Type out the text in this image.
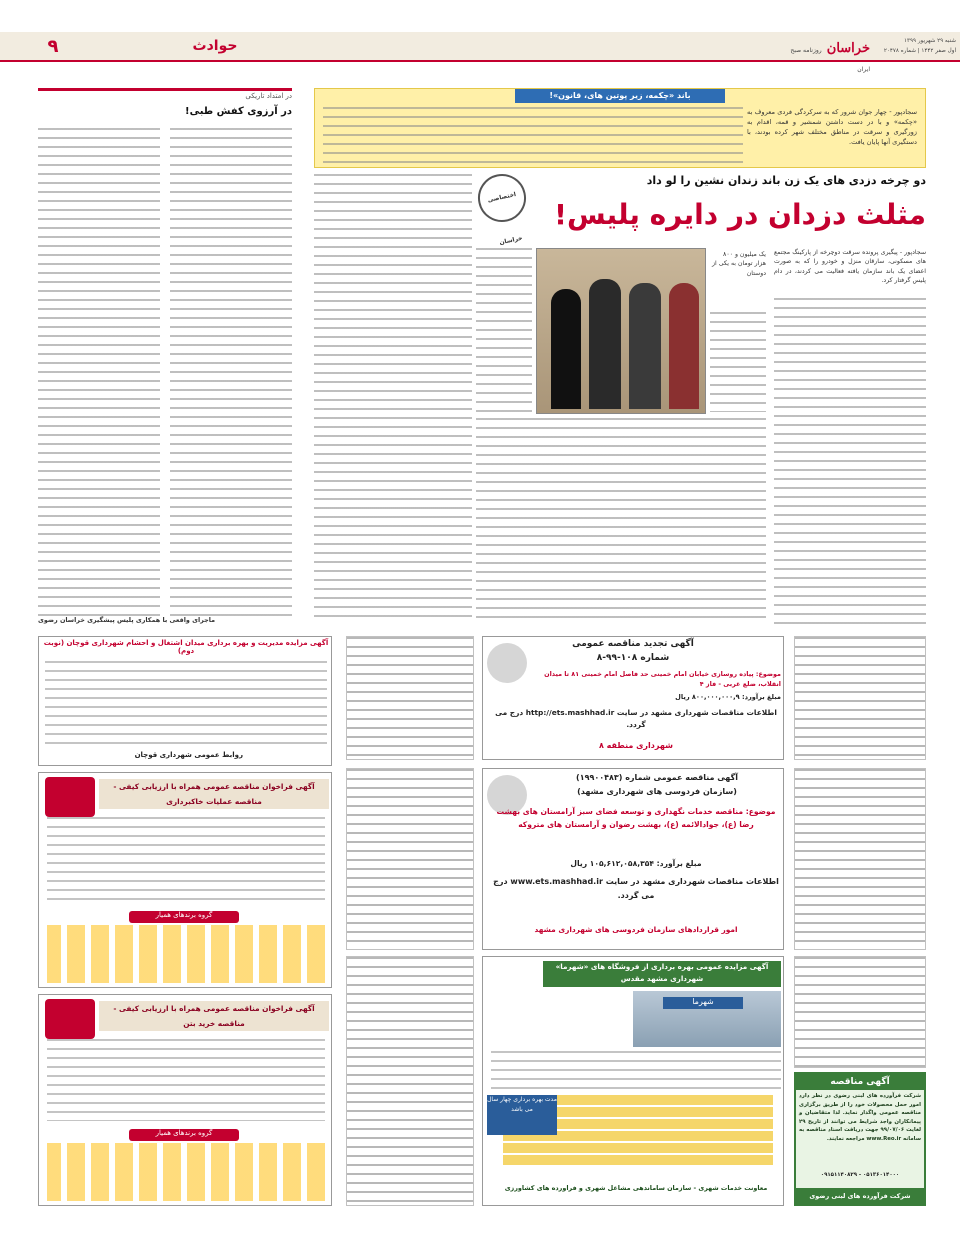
۹	حوادث	خراسان روزنامه صبح ایران
شنبه ۲۹ شهریور ۱۳۹۹
اول صفر ۱۴۴۲ | شماره ۲۰۴۷۸
باند «چکمه، زیر پوتین های، قانون»!
سجادپور - چهار جوان شرور که به سرکردگی فردی معروف به «چکمه» و با در دست داشتن شمشیر و قمه، اقدام به زورگیری و سرقت در مناطق مختلف شهر کرده بودند، با دستگیری آنها پایان یافت.
دو چرخه دزدی های یک زن باند زندان نشین را لو داد
مثلث دزدان در دایره پلیس!
اختصاصی خراسان
یک میلیون و ۸۰۰ هزار تومان به یکی از دوستان
سجادپور - پیگیری پرونده سرقت دوچرخه از پارکینگ مجتمع های مسکونی، سارقان منزل و خودرو را که به صورت اعضای یک باند سازمان یافته فعالیت می کردند، در دام پلیس گرفتار کرد.
در امتداد تاریکی
در آرزوی کفش طبی!
ماجرای واقعی با همکاری پلیس پیشگیری خراسان رضوی
آگهی مزایده مدیریت و بهره برداری میدان اشتغال و احشام شهرداری قوچان (نوبت دوم)
روابط عمومی شهرداری قوچان
آگهی فراخوان مناقصه عمومی همراه با ارزیابی کیفی - مناقصه عملیات خاکبرداری
گروه برندهای همیار
آگهی فراخوان مناقصه عمومی همراه با ارزیابی کیفی - مناقصه خرید بتن
گروه برندهای همیار
آگهی تجدید مناقصه عمومی
شماره ۱۰۸-۹۹-۸
موضوع: پیاده روسازی خیابان امام خمینی حد فاصل امام خمینی ۸۱ تا میدان انقلاب، ضلع غربی - فاز ۴
مبلغ برآورد: ۸۰۰,۰۰۰,۰۰۰,۹ ریال
اطلاعات مناقصات شهرداری مشهد در سایت http://ets.mashhad.ir درج می گردد.
شهرداری منطقه ۸
آگهی مناقصه عمومی شماره (۱۹۹۰۰۴۸۳)
(سازمان فردوسی های شهرداری مشهد)
موضوع: مناقصه خدمات نگهداری و توسعه فضای سبز آرامستان های بهشت رضا (ع)، جوادالائمه (ع)، بهشت رضوان و آرامستان های متروکه
مبلغ برآورد: ۱۰۵,۶۱۲,۰۵۸,۳۵۴ ریال
اطلاعات مناقصات شهرداری مشهد در سایت www.ets.mashhad.ir درج می گردد.
امور قراردادهای سازمان فردوسی های شهرداری مشهد
آگهی مزایده عمومی بهره برداری از فروشگاه های «شهرما» شهرداری مشهد مقدس
شهرما
مدت بهره برداری چهار سال می باشد
معاونت خدمات شهری - سازمان ساماندهی مشاغل شهری و فراورده های کشاورزی
آگهی مناقصه
شرکت فرآورده های لبنی رضوی در نظر دارد امور حمل محصولات خود را از طریق برگزاری مناقصه عمومی واگذار نماید. لذا متقاضیان و پیمانکاران واجد شرایط می توانند از تاریخ ۲۹ لغایت ۹۹/۰۷/۰۶ جهت دریافت اسناد مناقصه به سامانه www.Reo.ir مراجعه نمایند.
۰۵۱۳۶۰۱۴۰۰۰ - ۰۹۱۵۱۱۴۰۸۲۹
شرکت فرآورده های لبنی رضوی
